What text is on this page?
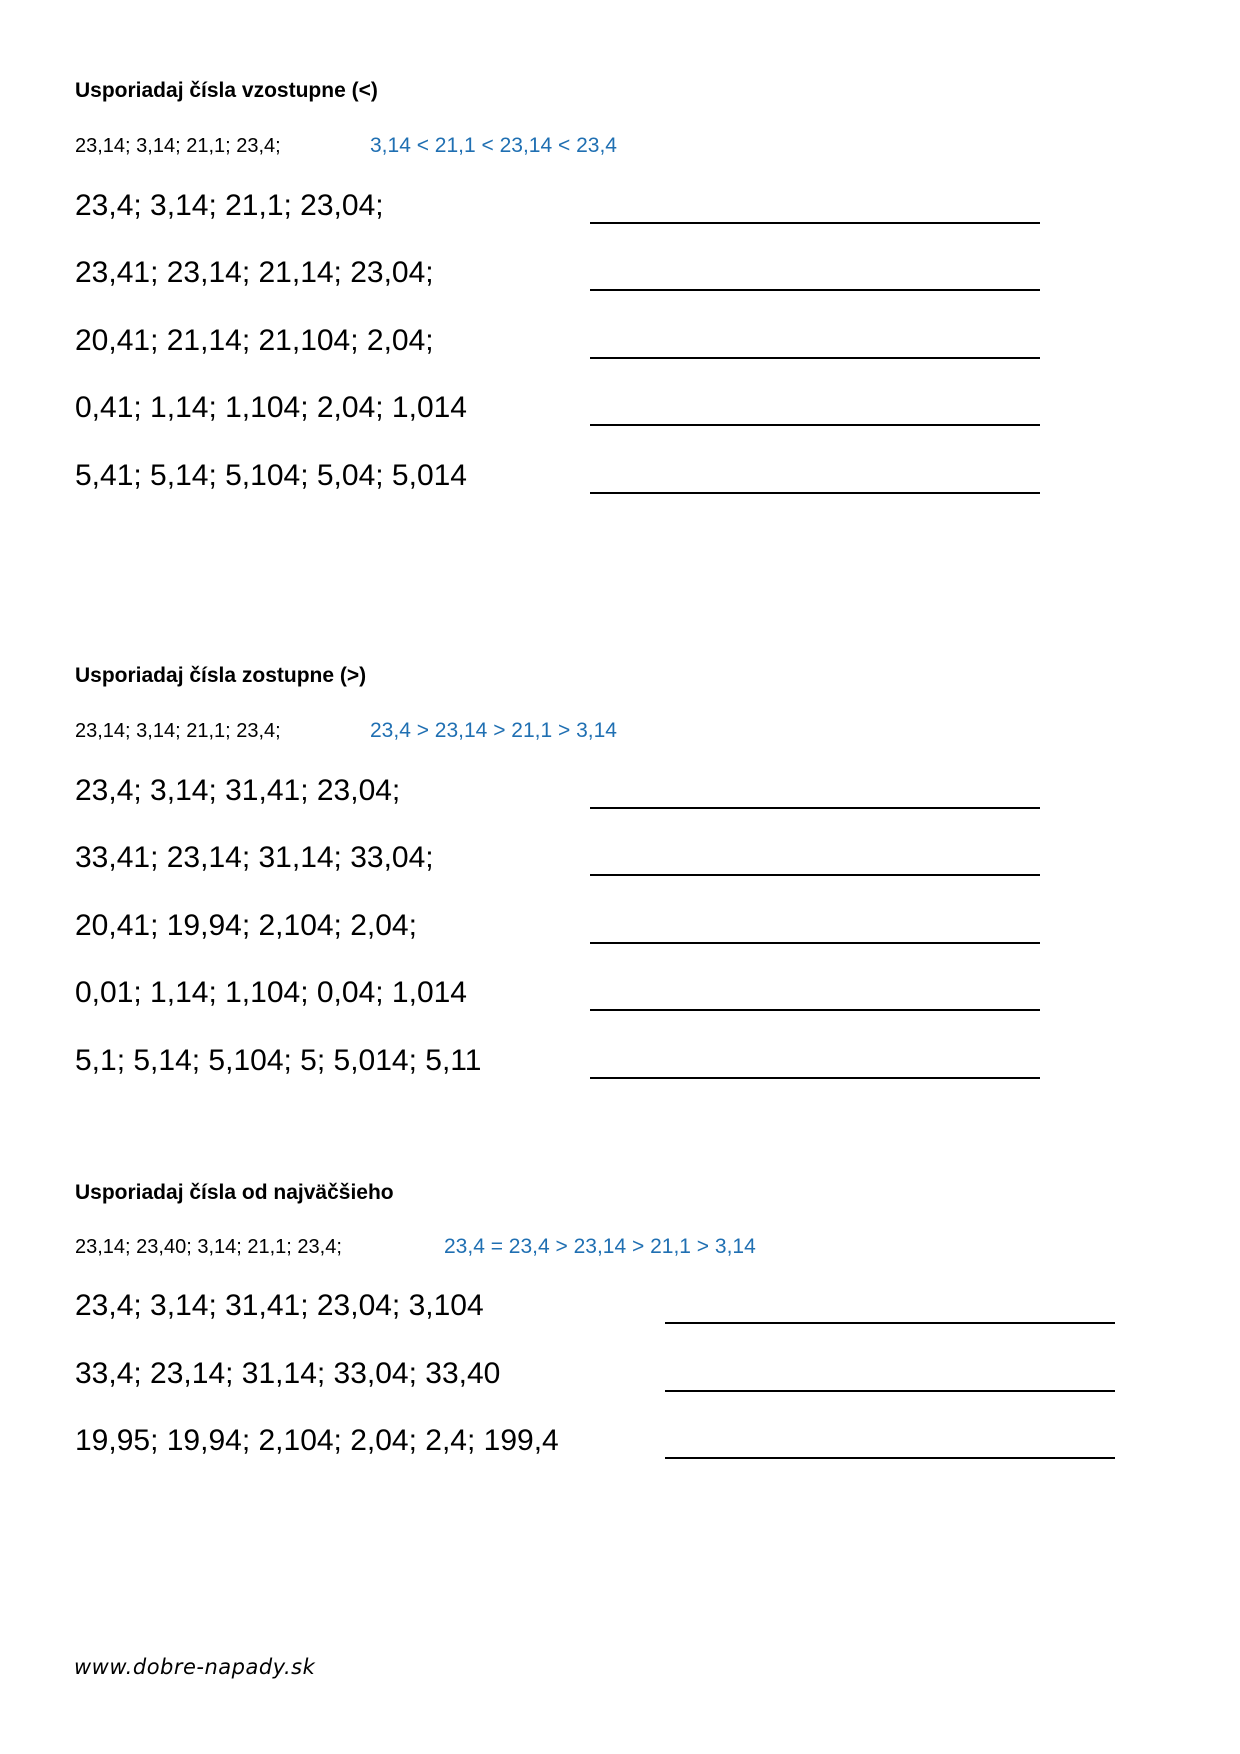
Usporiadaj čísla vzostupne (<)
23,14; 3,14; 21,1; 23,4;	3,14 < 21,1 < 23,14 < 23,4
23,4; 3,14; 21,1; 23,04;
23,41; 23,14; 21,14; 23,04;
20,41; 21,14; 21,104; 2,04;
0,41; 1,14; 1,104; 2,04; 1,014
5,41; 5,14; 5,104; 5,04; 5,014
Usporiadaj čísla zostupne (>)
23,14; 3,14; 21,1; 23,4;	23,4 > 23,14 > 21,1 > 3,14
23,4; 3,14; 31,41; 23,04;
33,41; 23,14; 31,14; 33,04;
20,41; 19,94; 2,104; 2,04;
0,01; 1,14; 1,104; 0,04; 1,014
5,1; 5,14; 5,104; 5; 5,014; 5,11
Usporiadaj čísla od najväčšieho
23,14; 23,40; 3,14; 21,1; 23,4;	23,4 = 23,4 > 23,14 > 21,1 > 3,14
23,4; 3,14; 31,41; 23,04; 3,104
33,4; 23,14; 31,14; 33,04; 33,40
19,95; 19,94; 2,104; 2,04; 2,4; 199,4
www.dobre-napady.sk
